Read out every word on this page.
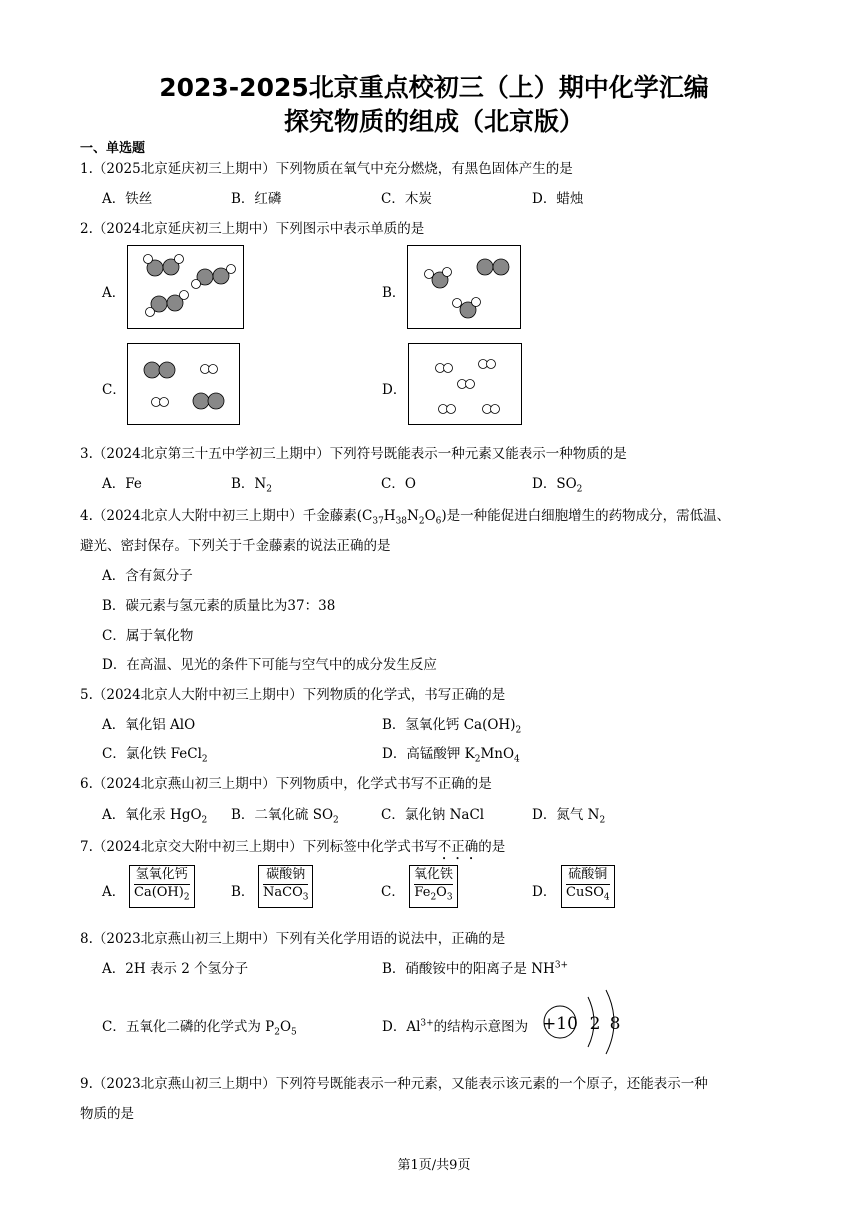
2023-2025北京重点校初三（上）期中化学汇编
探究物质的组成（北京版）
一、单选题
1.（2025北京延庆初三上期中）下列物质在氧气中充分燃烧，有黑色固体产生的是
A．铁丝	B．红磷	C．木炭	D．蜡烛
2.（2024北京延庆初三上期中）下列图示中表示单质的是
A．	B．
C．	D．
3.（2024北京第三十五中学初三上期中）下列符号既能表示一种元素又能表示一种物质的是
A．Fe	B．$N_2$	C．O	D．$SO_2$
4.（2024北京人大附中初三上期中）千金藤素$(C_{37}H_{38}N_2O_6)$是一种能促进白细胞增生的药物成分，需低温、
避光、密封保存。下列关于千金藤素的说法正确的是
A．含有氮分子
B．碳元素与氢元素的质量比为37：38
C．属于氧化物
D．在高温、见光的条件下可能与空气中的成分发生反应
5.（2024北京人大附中初三上期中）下列物质的化学式，书写正确的是
A．氧化铝 AlO	B．氢氧化钙 $Ca(OH)_2$
C．氯化铁 FeCl$_2$	D．高锰酸钾 $K_2MnO_4$
6.（2024北京燕山初三上期中）下列物质中，化学式书写不正确的是
A．氧化汞 HgO$_2$ B．二氧化硫 $SO_2$	C．氯化钠 NaCl	D．氮气 $N_2$
7.（2024北京交大附中初三上期中）下列标签中化学式书写不正确的是
A．
氢氧化钙
$Ca(OH)_2$	B．
碳酸钠
NaCO$_3$	C．
氧化铁
$Fe_2O_3$	D．
硫酸铜
CuSO$_4$
8.（2023北京燕山初三上期中）下列有关化学用语的说法中，正确的是
A．2H 表示 2 个氢分子	B．硝酸铵中的阳离子是 $NH^{3+}$
C．五氧化二磷的化学式为 $P_2O_5$	D．$Al^{3+}$的结构示意图为 +10 2 8
9.（2023北京燕山初三上期中）下列符号既能表示一种元素，又能表示该元素的一个原子，还能表示一种
物质的是
第1页/共9页
